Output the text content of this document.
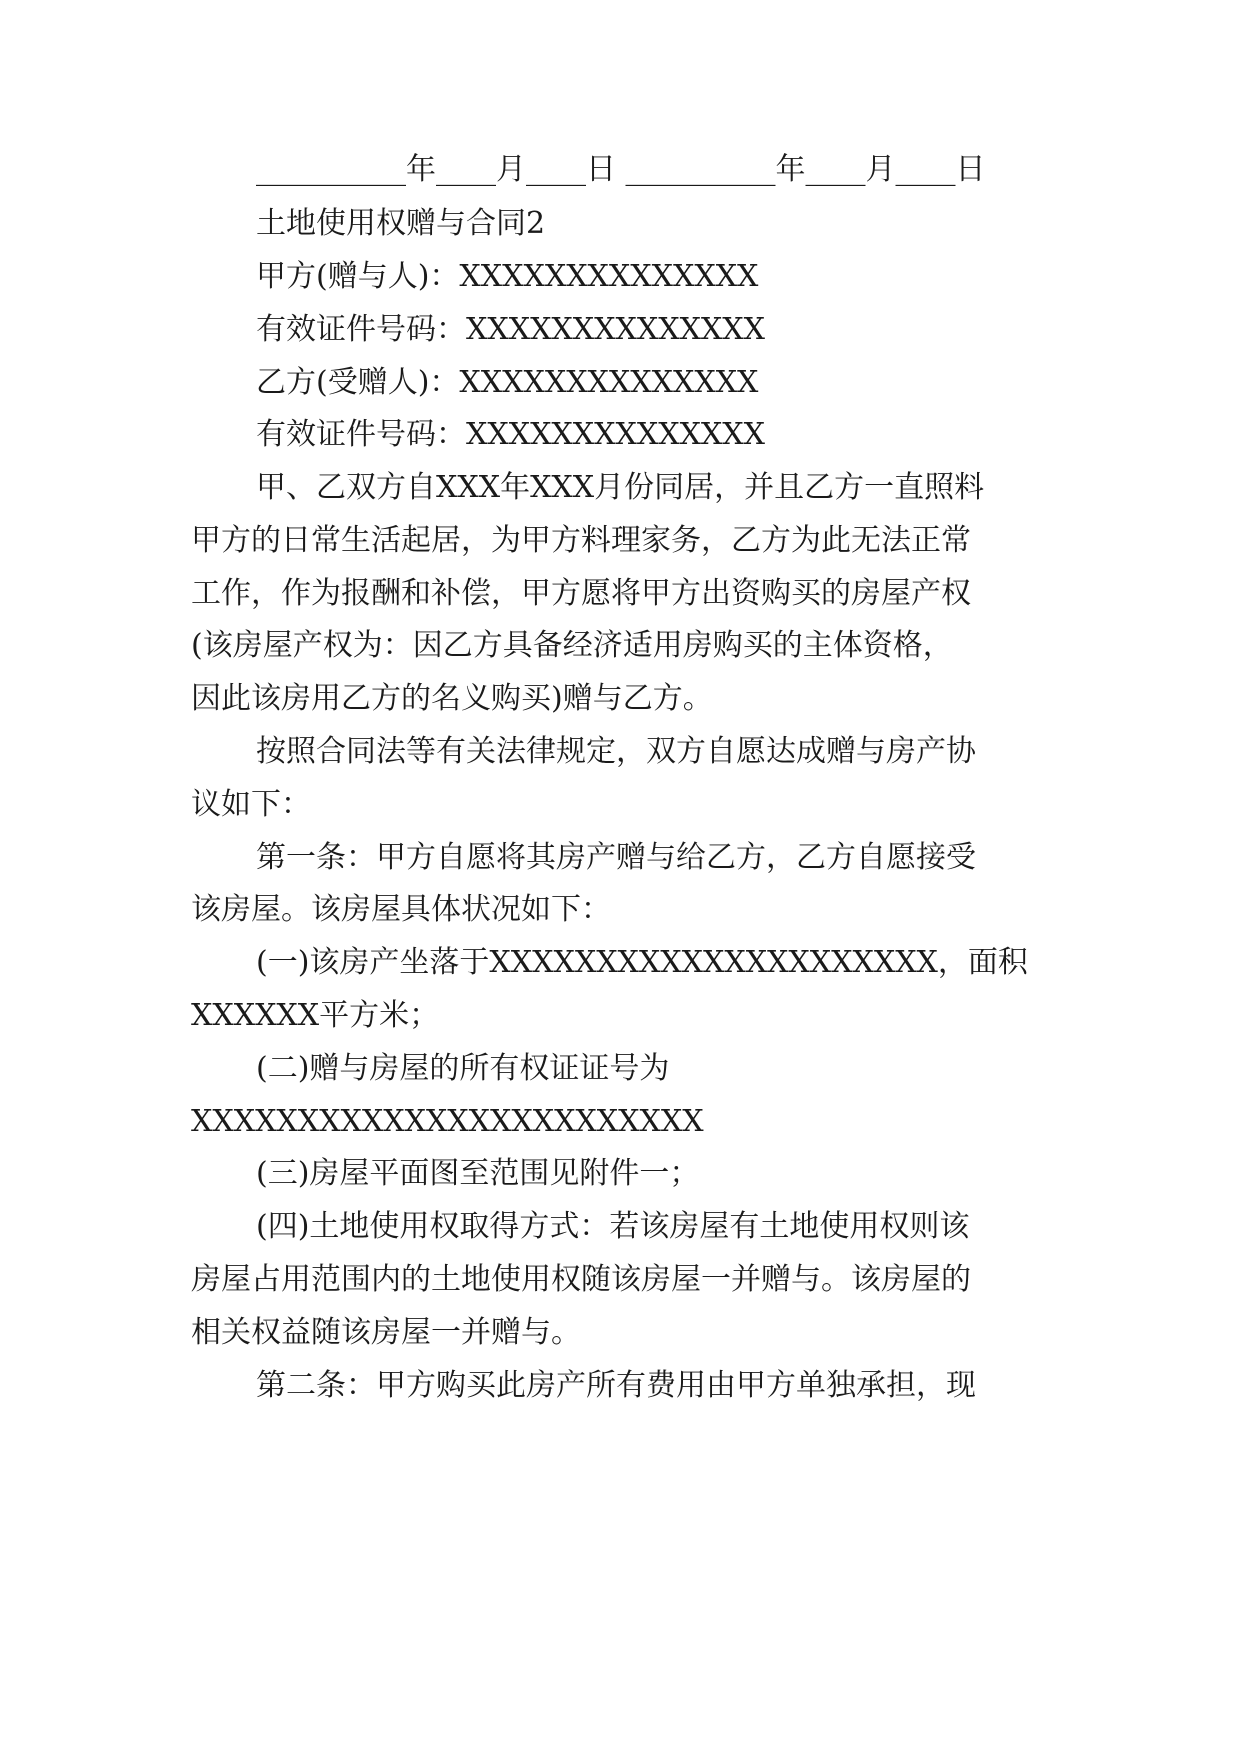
__________年____月____日 __________年____月____日
土地使用权赠与合同2
甲方(赠与人)：XXXXXXXXXXXXXX
有效证件号码：XXXXXXXXXXXXXX
乙方(受赠人)：XXXXXXXXXXXXXX
有效证件号码：XXXXXXXXXXXXXX
甲、乙双方自XXX年XXX月份同居，并且乙方一直照料
甲方的日常生活起居，为甲方料理家务，乙方为此无法正常
工作，作为报酬和补偿，甲方愿将甲方出资购买的房屋产权
(该房屋产权为：因乙方具备经济适用房购买的主体资格，
因此该房用乙方的名义购买)赠与乙方。
按照合同法等有关法律规定，双方自愿达成赠与房产协
议如下：
第一条：甲方自愿将其房产赠与给乙方，乙方自愿接受
该房屋。该房屋具体状况如下：
(一)该房产坐落于XXXXXXXXXXXXXXXXXXXXX，面积
XXXXXX平方米；
(二)赠与房屋的所有权证证号为
XXXXXXXXXXXXXXXXXXXXXXXX
(三)房屋平面图至范围见附件一；
(四)土地使用权取得方式：若该房屋有土地使用权则该
房屋占用范围内的土地使用权随该房屋一并赠与。该房屋的
相关权益随该房屋一并赠与。
第二条：甲方购买此房产所有费用由甲方单独承担，现
